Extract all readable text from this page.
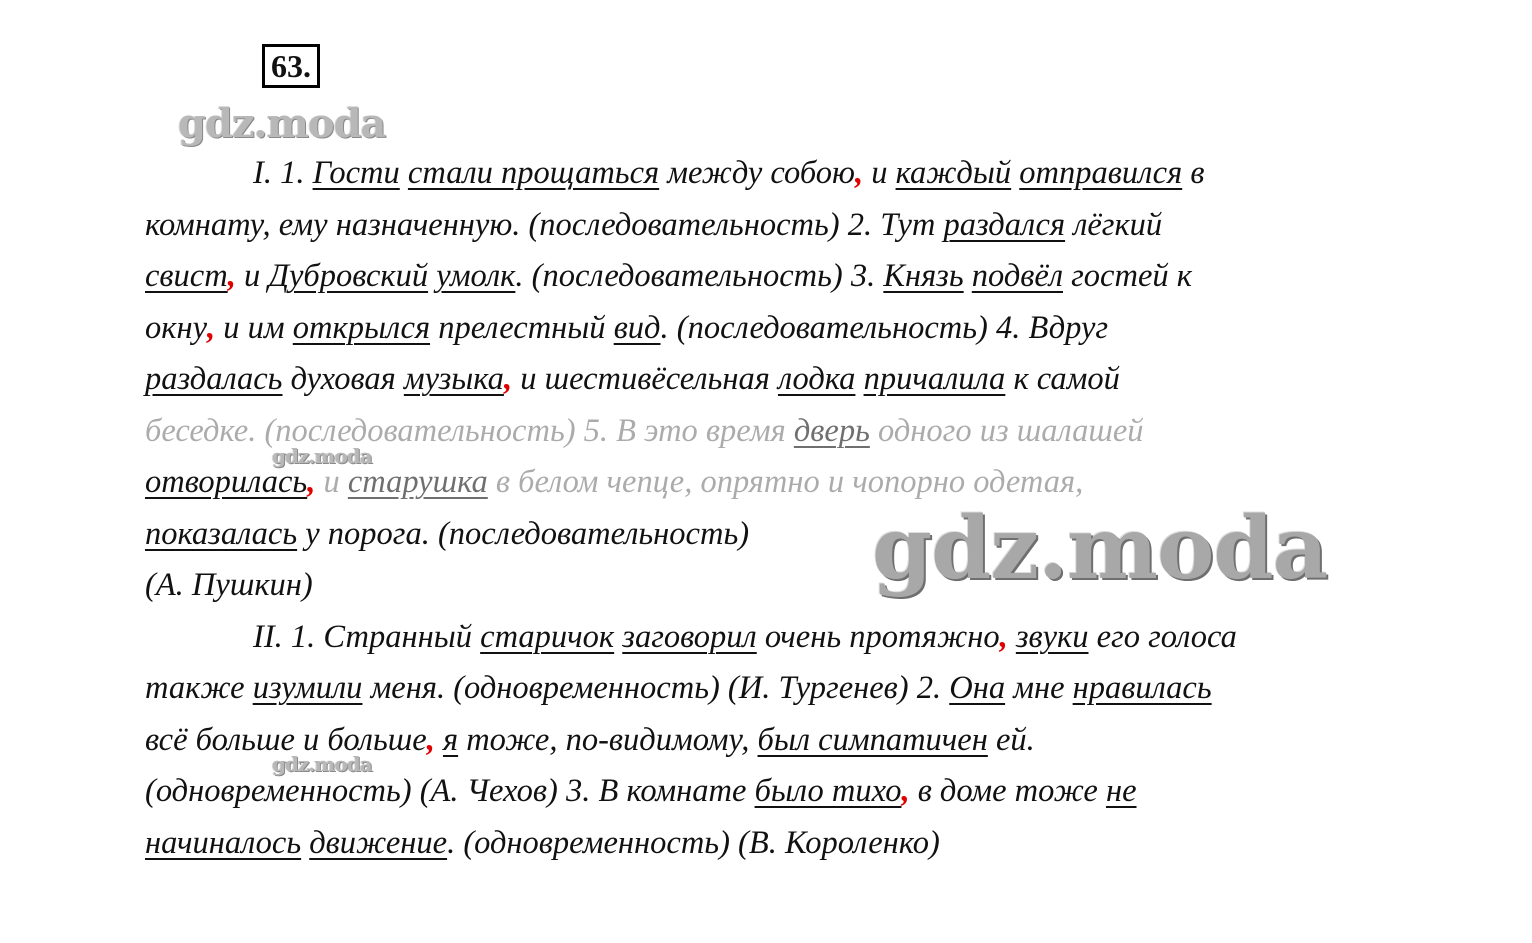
63.
gdz.moda
gdz.moda
gdz.moda
I. 1. Гости стали прощаться между собою, и каждый отправился в
комнату, ему назначенную. (последовательность) 2. Тут раздался лёгкий
свист, и Дубровский умолк. (последовательность) 3. Князь подвёл гостей к
окну, и им открылся прелестный вид. (последовательность) 4. Вдруг
раздалась духовая музыка, и шестивёсельная лодка причалила к самой
беседке. (последовательность) 5. В это время дверь одного из шалашей
отворилась, и старушка в белом чепце, опрятно и чопорно одетая,
показалась у порога. (последовательность)
(А. Пушкин)
II. 1. Странный старичок заговорил очень протяжно, звуки его голоса
также изумили меня. (одновременность) (И. Тургенев) 2. Она мне нравилась
всё больше и больше, я тоже, по-видимому, был симпатичен ей.
(одновременность) (А. Чехов) 3. В комнате было тихо, в доме тоже не
начиналось движение. (одновременность) (В. Короленко)
gdz.moda
